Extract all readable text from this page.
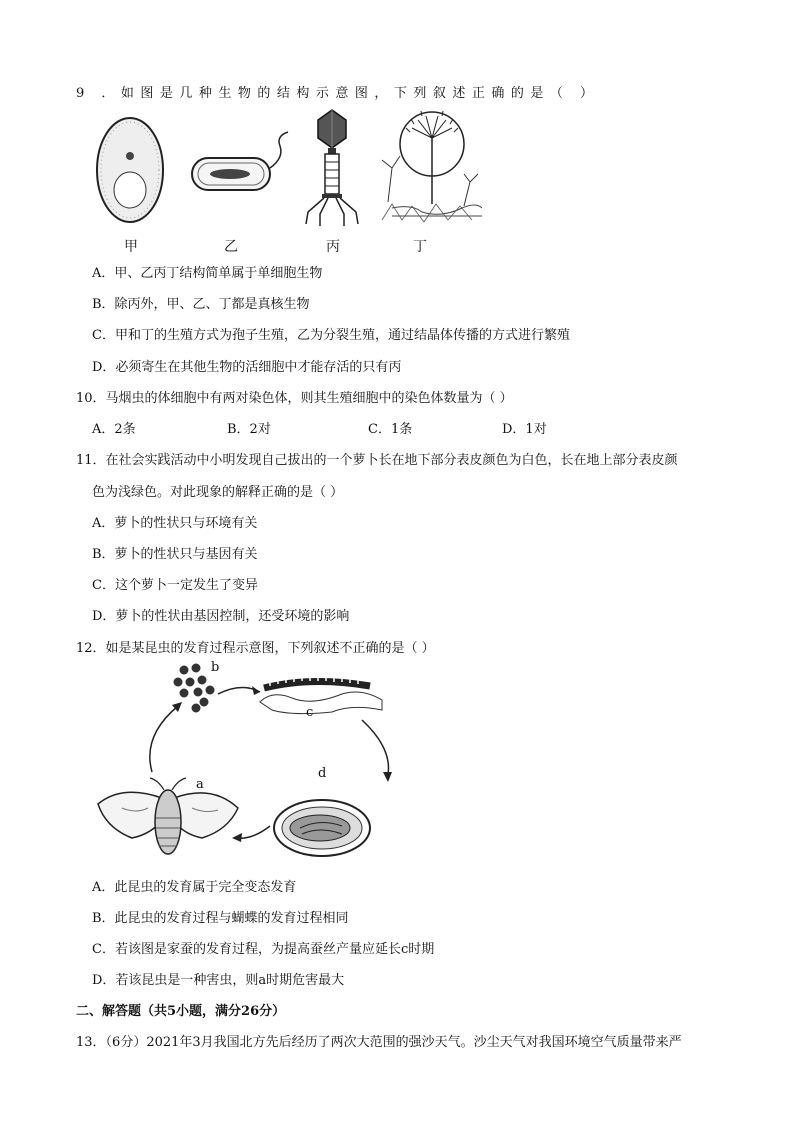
9 ．如图是几种生物的结构示意图，下列叙述正确的是（ ）
甲	乙	丙	丁
A．甲、乙丙丁结构简单属于单细胞生物
B．除丙外，甲、乙、丁都是真核生物
C．甲和丁的生殖方式为孢子生殖，乙为分裂生殖，通过结晶体传播的方式进行繁殖
D．必须寄生在其他生物的活细胞中才能存活的只有丙
10．马烟虫的体细胞中有两对染色体，则其生殖细胞中的染色体数量为（ ）
A．2条	B．2对	C．1条	D．1对
11．在社会实践活动中小明发现自己拔出的一个萝卜长在地下部分表皮颜色为白色，长在地上部分表皮颜
色为浅绿色。对此现象的解释正确的是（ ）
A．萝卜的性状只与环境有关
B．萝卜的性状只与基因有关
C．这个萝卜一定发生了变异
D．萝卜的性状由基因控制，还受环境的影响
12．如是某昆虫的发育过程示意图，下列叙述不正确的是（ ）
b
c
d
a
A．此昆虫的发育属于完全变态发育
B．此昆虫的发育过程与蝴蝶的发育过程相同
C．若该图是家蚕的发育过程，为提高蚕丝产量应延长c时期
D．若该昆虫是一种害虫，则a时期危害最大
二、解答题（共5小题，满分26分）
13．（6分）2021年3月我国北方先后经历了两次大范围的强沙天气。沙尘天气对我国环境空气质量带来严
